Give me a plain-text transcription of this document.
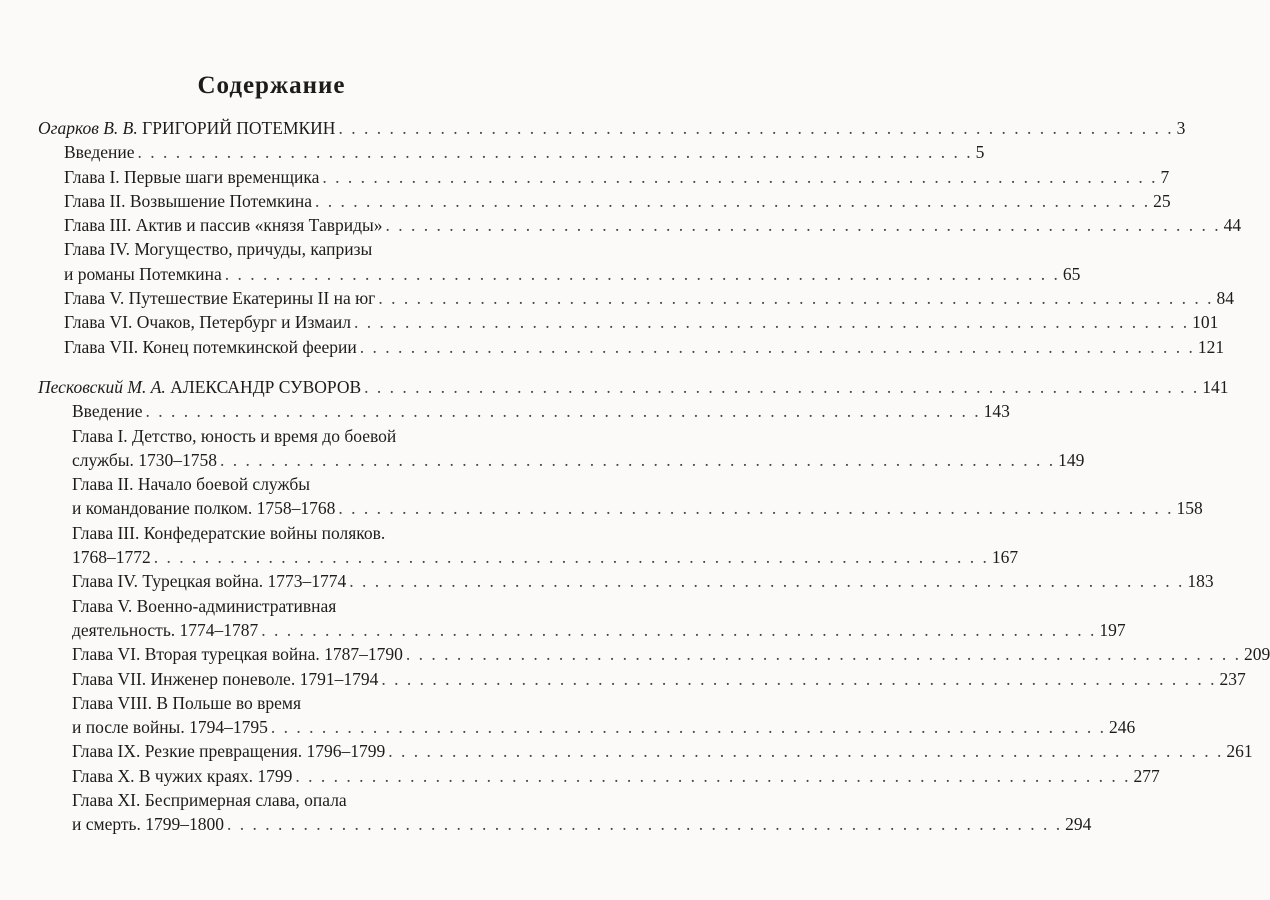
Содержание
Огарков В. В. ГРИГОРИЙ ПОТЕМКИН . . . . . . . . . . . . . . . . . . . . . . . . . . . . . . . . . . . . . . . . . . . . . . . . . . . . . . . . . . . . . . . . . . 3
Введение . . . . . . . . . . . . . . . . . . . . . . . . . . . . . . . . . . . . . . . . . . . . . . . . . . . . . . . . . . . . . . . . . . 5
Глава I. Первые шаги временщика . . . . . . . . . . . . . . . . . . . . . . . . . . . . . . . . . . . . . . . . . . . . . . . . . . . . . . . . . . . . . . . . . . 7
Глава II. Возвышение Потемкина . . . . . . . . . . . . . . . . . . . . . . . . . . . . . . . . . . . . . . . . . . . . . . . . . . . . . . . . . . . . . . . . . . 25
Глава III. Актив и пассив «князя Тавриды» . . . . . . . . . . . . . . . . . . . . . . . . . . . . . . . . . . . . . . . . . . . . . . . . . . . . . . . . . . . . . . . . . . 44
Глава IV. Могущество, причуды, капризы
и романы Потемкина . . . . . . . . . . . . . . . . . . . . . . . . . . . . . . . . . . . . . . . . . . . . . . . . . . . . . . . . . . . . . . . . . . 65
Глава V. Путешествие Екатерины II на юг . . . . . . . . . . . . . . . . . . . . . . . . . . . . . . . . . . . . . . . . . . . . . . . . . . . . . . . . . . . . . . . . . . 84
Глава VI. Очаков, Петербург и Измаил . . . . . . . . . . . . . . . . . . . . . . . . . . . . . . . . . . . . . . . . . . . . . . . . . . . . . . . . . . . . . . . . . . 101
Глава VII. Конец потемкинской феерии . . . . . . . . . . . . . . . . . . . . . . . . . . . . . . . . . . . . . . . . . . . . . . . . . . . . . . . . . . . . . . . . . . 121
Песковский М. А. АЛЕКСАНДР СУВОРОВ . . . . . . . . . . . . . . . . . . . . . . . . . . . . . . . . . . . . . . . . . . . . . . . . . . . . . . . . . . . . . . . . . . 141
Введение . . . . . . . . . . . . . . . . . . . . . . . . . . . . . . . . . . . . . . . . . . . . . . . . . . . . . . . . . . . . . . . . . . 143
Глава I. Детство, юность и время до боевой
службы. 1730–1758 . . . . . . . . . . . . . . . . . . . . . . . . . . . . . . . . . . . . . . . . . . . . . . . . . . . . . . . . . . . . . . . . . . 149
Глава II. Начало боевой службы
и командование полком. 1758–1768 . . . . . . . . . . . . . . . . . . . . . . . . . . . . . . . . . . . . . . . . . . . . . . . . . . . . . . . . . . . . . . . . . . 158
Глава III. Конфедератские войны поляков.
1768–1772 . . . . . . . . . . . . . . . . . . . . . . . . . . . . . . . . . . . . . . . . . . . . . . . . . . . . . . . . . . . . . . . . . . 167
Глава IV. Турецкая война. 1773–1774 . . . . . . . . . . . . . . . . . . . . . . . . . . . . . . . . . . . . . . . . . . . . . . . . . . . . . . . . . . . . . . . . . . 183
Глава V. Военно-административная
деятельность. 1774–1787 . . . . . . . . . . . . . . . . . . . . . . . . . . . . . . . . . . . . . . . . . . . . . . . . . . . . . . . . . . . . . . . . . . 197
Глава VI. Вторая турецкая война. 1787–1790 . . . . . . . . . . . . . . . . . . . . . . . . . . . . . . . . . . . . . . . . . . . . . . . . . . . . . . . . . . . . . . . . . . 209
Глава VII. Инженер поневоле. 1791–1794 . . . . . . . . . . . . . . . . . . . . . . . . . . . . . . . . . . . . . . . . . . . . . . . . . . . . . . . . . . . . . . . . . . 237
Глава VIII. В Польше во время
и после войны. 1794–1795 . . . . . . . . . . . . . . . . . . . . . . . . . . . . . . . . . . . . . . . . . . . . . . . . . . . . . . . . . . . . . . . . . . 246
Глава IX. Резкие превращения. 1796–1799 . . . . . . . . . . . . . . . . . . . . . . . . . . . . . . . . . . . . . . . . . . . . . . . . . . . . . . . . . . . . . . . . . . 261
Глава X. В чужих краях. 1799 . . . . . . . . . . . . . . . . . . . . . . . . . . . . . . . . . . . . . . . . . . . . . . . . . . . . . . . . . . . . . . . . . . 277
Глава XI. Беспримерная слава, опала
и смерть. 1799–1800 . . . . . . . . . . . . . . . . . . . . . . . . . . . . . . . . . . . . . . . . . . . . . . . . . . . . . . . . . . . . . . . . . . 294
